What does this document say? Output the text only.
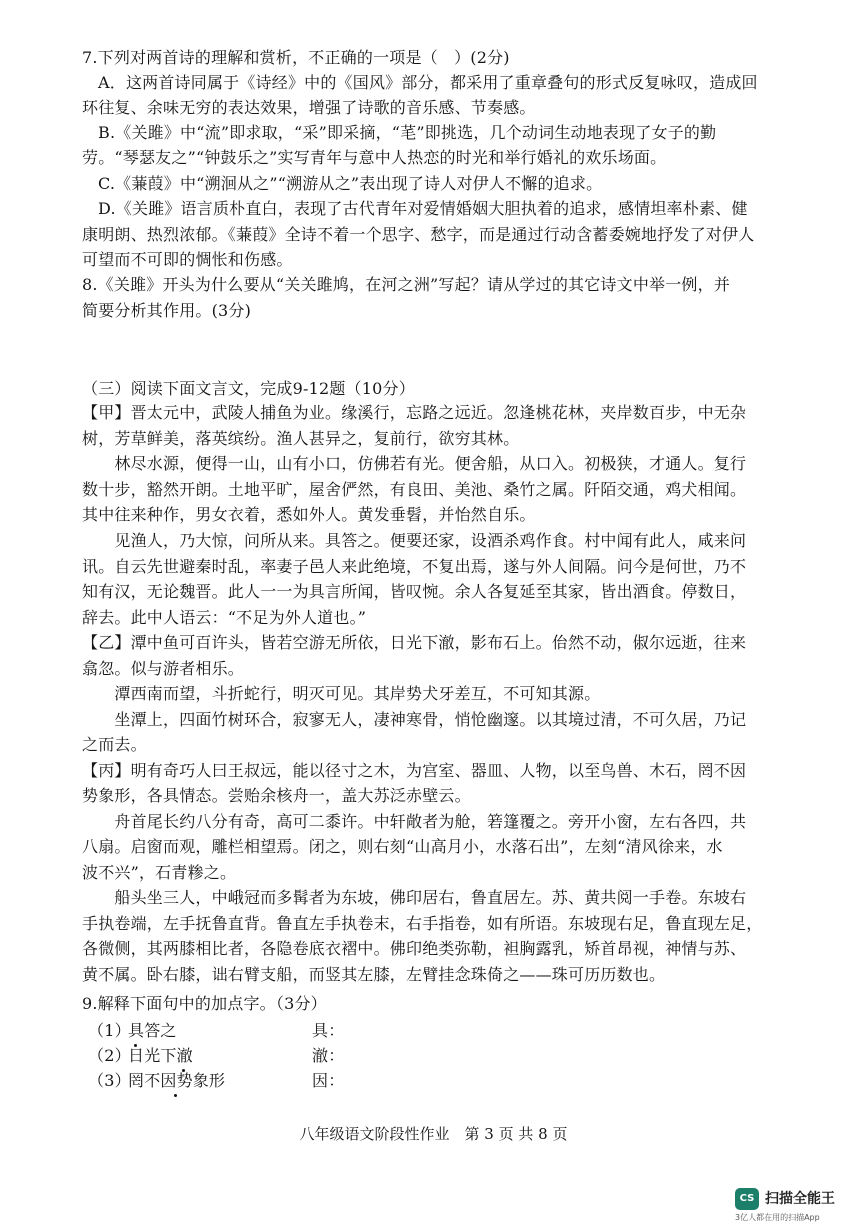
7.下列对两首诗的理解和赏析，不正确的一项是（　）(2分)
A．这两首诗同属于《诗经》中的《国风》部分，都采用了重章叠句的形式反复咏叹，造成回
环往复、余味无穷的表达效果，增强了诗歌的音乐感、节奏感。
B.《关雎》中“流”即求取，“采”即采摘，“芼”即挑选，几个动词生动地表现了女子的勤
劳。“琴瑟友之”“钟鼓乐之”实写青年与意中人热恋的时光和举行婚礼的欢乐场面。
C.《蒹葭》中“溯洄从之”“溯游从之”表出现了诗人对伊人不懈的追求。
D.《关雎》语言质朴直白，表现了古代青年对爱情婚姻大胆执着的追求，感情坦率朴素、健
康明朗、热烈浓郁。《蒹葭》全诗不着一个思字、愁字，而是通过行动含蓄委婉地抒发了对伊人
可望而不可即的惆怅和伤感。
8.《关雎》开头为什么要从“关关雎鸠，在河之洲”写起？请从学过的其它诗文中举一例，并
简要分析其作用。(3分)
（三）阅读下面文言文，完成9-12题（10分）
【甲】晋太元中，武陵人捕鱼为业。缘溪行，忘路之远近。忽逢桃花林，夹岸数百步，中无杂
树，芳草鲜美，落英缤纷。渔人甚异之，复前行，欲穷其林。
　　林尽水源，便得一山，山有小口，仿佛若有光。便舍船，从口入。初极狭，才通人。复行
数十步，豁然开朗。土地平旷，屋舍俨然，有良田、美池、桑竹之属。阡陌交通，鸡犬相闻。
其中往来种作，男女衣着，悉如外人。黄发垂髫，并怡然自乐。
　　见渔人，乃大惊，问所从来。具答之。便要还家，设酒杀鸡作食。村中闻有此人，咸来问
讯。自云先世避秦时乱，率妻子邑人来此绝境，不复出焉，遂与外人间隔。问今是何世，乃不
知有汉，无论魏晋。此人一一为具言所闻，皆叹惋。余人各复延至其家，皆出酒食。停数日，
辞去。此中人语云：“不足为外人道也。”
【乙】潭中鱼可百许头，皆若空游无所依，日光下澈，影布石上。佁然不动，俶尔远逝，往来
翕忽。似与游者相乐。
　　潭西南而望，斗折蛇行，明灭可见。其岸势犬牙差互，不可知其源。
　　坐潭上，四面竹树环合，寂寥无人，凄神寒骨，悄怆幽邃。以其境过清，不可久居，乃记
之而去。
【丙】明有奇巧人曰王叔远，能以径寸之木，为宫室、器皿、人物，以至鸟兽、木石，罔不因
势象形，各具情态。尝贻余核舟一，盖大苏泛赤壁云。
　　舟首尾长约八分有奇，高可二黍许。中轩敞者为舱，箬篷覆之。旁开小窗，左右各四，共
八扇。启窗而观，雕栏相望焉。闭之，则右刻“山高月小，水落石出”，左刻“清风徐来，水
波不兴”，石青糁之。
　　船头坐三人，中峨冠而多髯者为东坡，佛印居右，鲁直居左。苏、黄共阅一手卷。东坡右
手执卷端，左手抚鲁直背。鲁直左手执卷末，右手指卷，如有所语。东坡现右足，鲁直现左足，
各微侧，其两膝相比者，各隐卷底衣褶中。佛印绝类弥勒，袒胸露乳，矫首昂视，神情与苏、
黄不属。卧右膝，诎右臂支船，而竖其左膝，左臂挂念珠倚之——珠可历历数也。
9.解释下面句中的加点字。（3分）
（1）
具答之	具：
（2）
日光下澈	澈：
（3）
罔不因势象形	因：
八年级语文阶段性作业　第 3 页 共 8 页
CS 扫描全能王
3亿人都在用的扫描App
